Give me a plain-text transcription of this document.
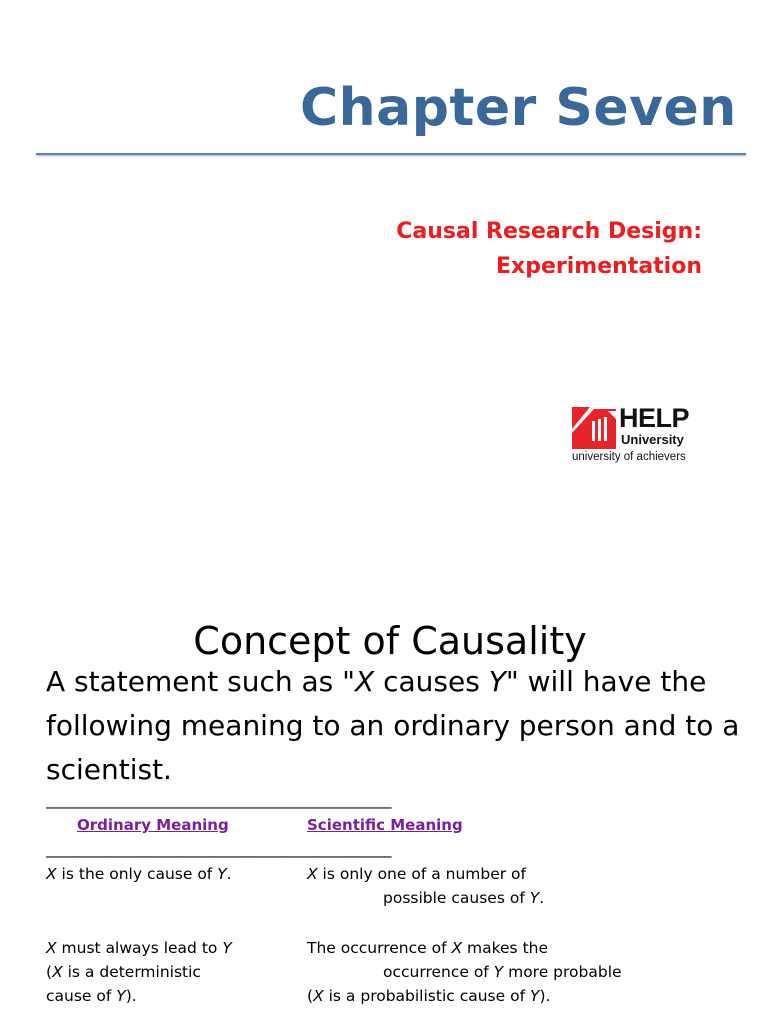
Chapter Seven
Causal Research Design:
Experimentation
HELP
University
university of achievers
Concept of Causality
A statement such as "X causes Y" will have the following meaning to an ordinary person and to a scientist.
_____________________________________________________
Ordinary Meaning	Scientific Meaning
_____________________________________________________
X is the only cause of Y.	X is only one of a number of
possible causes of Y.
X must always lead to Y
(X is a deterministic
cause of Y).
The occurrence of X makes the
occurrence of Y more probable
(X is a probabilistic cause of Y).
